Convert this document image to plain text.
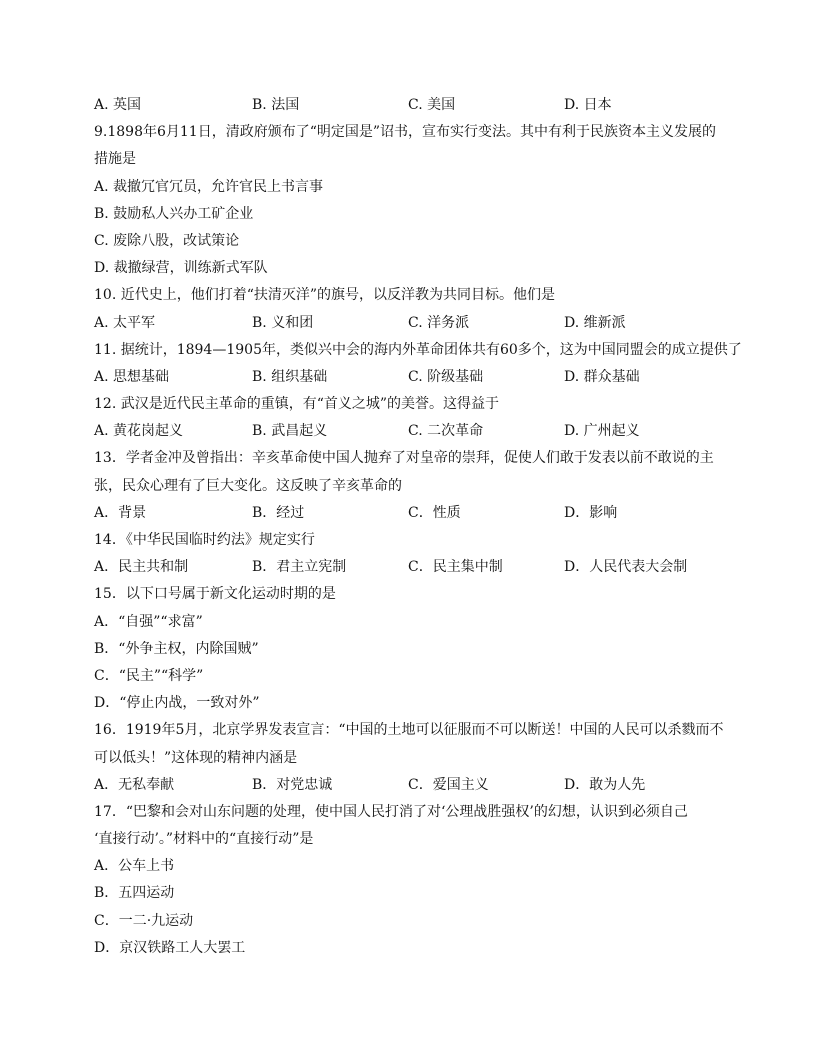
A. 英国	B. 法国	C. 美国	D. 日本
9.1898年6月11日，清政府颁布了“明定国是”诏书，宣布实行变法。其中有利于民族资本主义发展的
措施是
A. 裁撤冗官冗员，允许官民上书言事
B. 鼓励私人兴办工矿企业
C. 废除八股，改试策论
D. 裁撤绿营，训练新式军队
10. 近代史上，他们打着“扶清灭洋”的旗号，以反洋教为共同目标。他们是
A. 太平军	B. 义和团	C. 洋务派	D. 维新派
11. 据统计，1894—1905年，类似兴中会的海内外革命团体共有60多个，这为中国同盟会的成立提供了
A. 思想基础	B. 组织基础	C. 阶级基础	D. 群众基础
12. 武汉是近代民主革命的重镇，有“首义之城”的美誉。这得益于
A. 黄花岗起义	B. 武昌起义	C. 二次革命	D. 广州起义
13．学者金冲及曾指出：辛亥革命使中国人抛弃了对皇帝的崇拜，促使人们敢于发表以前不敢说的主
张，民众心理有了巨大变化。这反映了辛亥革命的
A．背景	B．经过	C．性质	D．影响
14．《中华民国临时约法》规定实行
A．民主共和制	B．君主立宪制	C．民主集中制	D．人民代表大会制
15．以下口号属于新文化运动时期的是
A．“自强”“求富”
B．“外争主权，内除国贼”
C．“民主”“科学”
D．“停止内战，一致对外”
16．1919年5月，北京学界发表宣言：“中国的土地可以征服而不可以断送！中国的人民可以杀戮而不
可以低头！”这体现的精神内涵是
A．无私奉献	B．对党忠诚	C．爱国主义	D．敢为人先
17．“巴黎和会对山东问题的处理，使中国人民打消了对‘公理战胜强权’的幻想，认识到必须自己
‘直接行动’。”材料中的“直接行动”是
A．公车上书
B．五四运动
C．一二·九运动
D．京汉铁路工人大罢工
